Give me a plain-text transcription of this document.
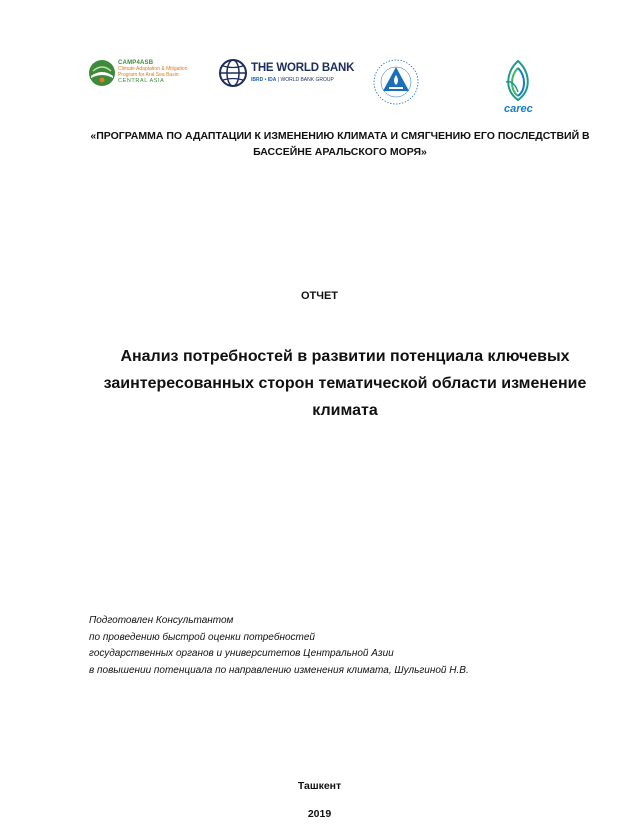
CAMP4ASB
Climate Adaptation & Mitigation
Program for Aral Sea Basin
CENTRAL ASIA
THE WORLD BANK
IBRD • IDA | WORLD BANK GROUP
carec
«ПРОГРАММА ПО АДАПТАЦИИ К ИЗМЕНЕНИЮ КЛИМАТА И СМЯГЧЕНИЮ ЕГО ПОСЛЕДСТВИЙ В БАССЕЙНЕ АРАЛЬСКОГО МОРЯ»
ОТЧЕТ
Анализ потребностей в развитии потенциала ключевых заинтересованных сторон тематической области изменение климата
Подготовлен Консультантом
по проведению быстрой оценки потребностей
государственных органов и университетов Центральной Азии
в повышении потенциала по направлению изменения климата, Шульгиной Н.В.
Ташкент
2019
